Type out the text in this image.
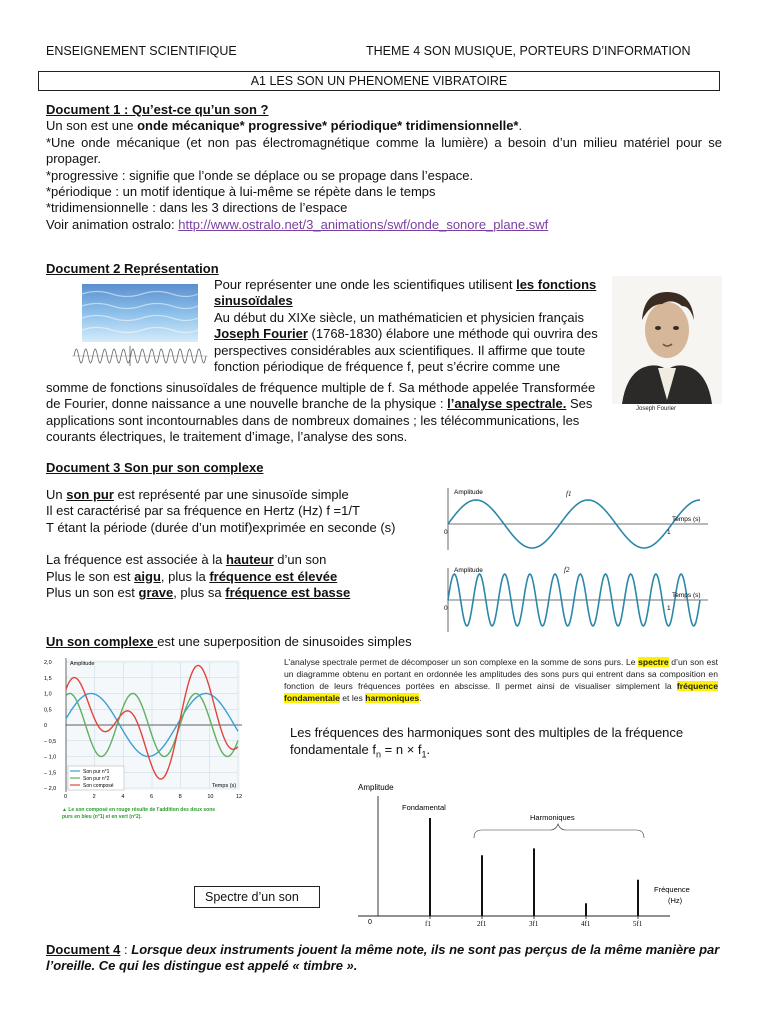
ENSEIGNEMENT SCIENTIFIQUE	THEME 4 SON MUSIQUE, PORTEURS D’INFORMATION
A1 LES SON UN PHENOMENE VIBRATOIRE
Document 1 : Qu’est-ce qu’un son ?
Un son est une onde mécanique* progressive* périodique* tridimensionnelle*.
*Une onde mécanique (et non pas électromagnétique comme la lumière) a besoin d’un milieu matériel pour se propager.
*progressive : signifie que l’onde se déplace ou se propage dans l’espace.
*périodique : un motif identique à lui-même se répète dans le temps
*tridimensionnelle : dans les 3 directions de l’espace
Voir animation ostralo: http://www.ostralo.net/3_animations/swf/onde_sonore_plane.swf
Document 2 Représentation
Pour représenter une onde les scientifiques utilisent les fonctions sinusoïdales
Au début du XIXe siècle, un mathématicien et physicien français
Joseph Fourier (1768-1830) élabore une méthode qui ouvrira des
perspectives considérables aux scientifiques. Il affirme que toute
fonction périodique de fréquence f, peut s’écrire comme une
somme de fonctions sinusoïdales de fréquence multiple de f. Sa méthode appelée Transformée
de Fourier, donne naissance a une nouvelle branche de la physique : l’analyse spectrale. Ses
applications sont incontournables dans de nombreux domaines ; les télécommunications, les
courants électriques, le traitement d’image, l’analyse des sons.
Joseph Fourier
Document 3 Son pur son complexe
Un son pur est représenté par une sinusoïde simple
Il est caractérisé par sa fréquence en Hertz (Hz) f =1/T
T étant la période (durée d’un motif)exprimée en seconde (s)
La fréquence est associée à la hauteur d’un son
Plus le son est aigu, plus la fréquence est élevée
Plus un son est grave, plus sa fréquence est basse
Amplitude	f1
Temps (s)
0	1
Amplitude	f2
Temps (s)
0	1
Un son complexe est une superposition de sinusoides simples
2,0
1,5
1,0
0,5
0
– 0,5
– 1,0
– 1,5
– 2,0
0	2	4	6	8	10	12
Amplitude
Temps (s)
Son pur n°1
Son pur n°2
Son composé
▲ Le son composé en rouge résulte de l’addition des deux sons
purs en bleu (n°1) et en vert (n°2).
L’analyse spectrale permet de décomposer un son complexe en la somme de sons purs. Le spectre d’un son est un diagramme obtenu en portant en ordonnée les amplitudes des sons purs qui entrent dans sa composition en fonction de leurs fréquences portées en abscisse. Il permet ainsi de visualiser simplement la fréquence fondamentale et les harmoniques.
Les fréquences des harmoniques sont des multiples de la fréquence
fondamentale $f_n = n \times f_1$.
Spectre d’un son
Amplitude
0	f1	2f1	3f1	4f1	5f1
Fondamental
Harmoniques
Fréquence
(Hz)
Document 4 : Lorsque deux instruments jouent la même note, ils ne sont pas perçus de la même manière par
l’oreille. Ce qui les distingue est appelé « timbre ».
